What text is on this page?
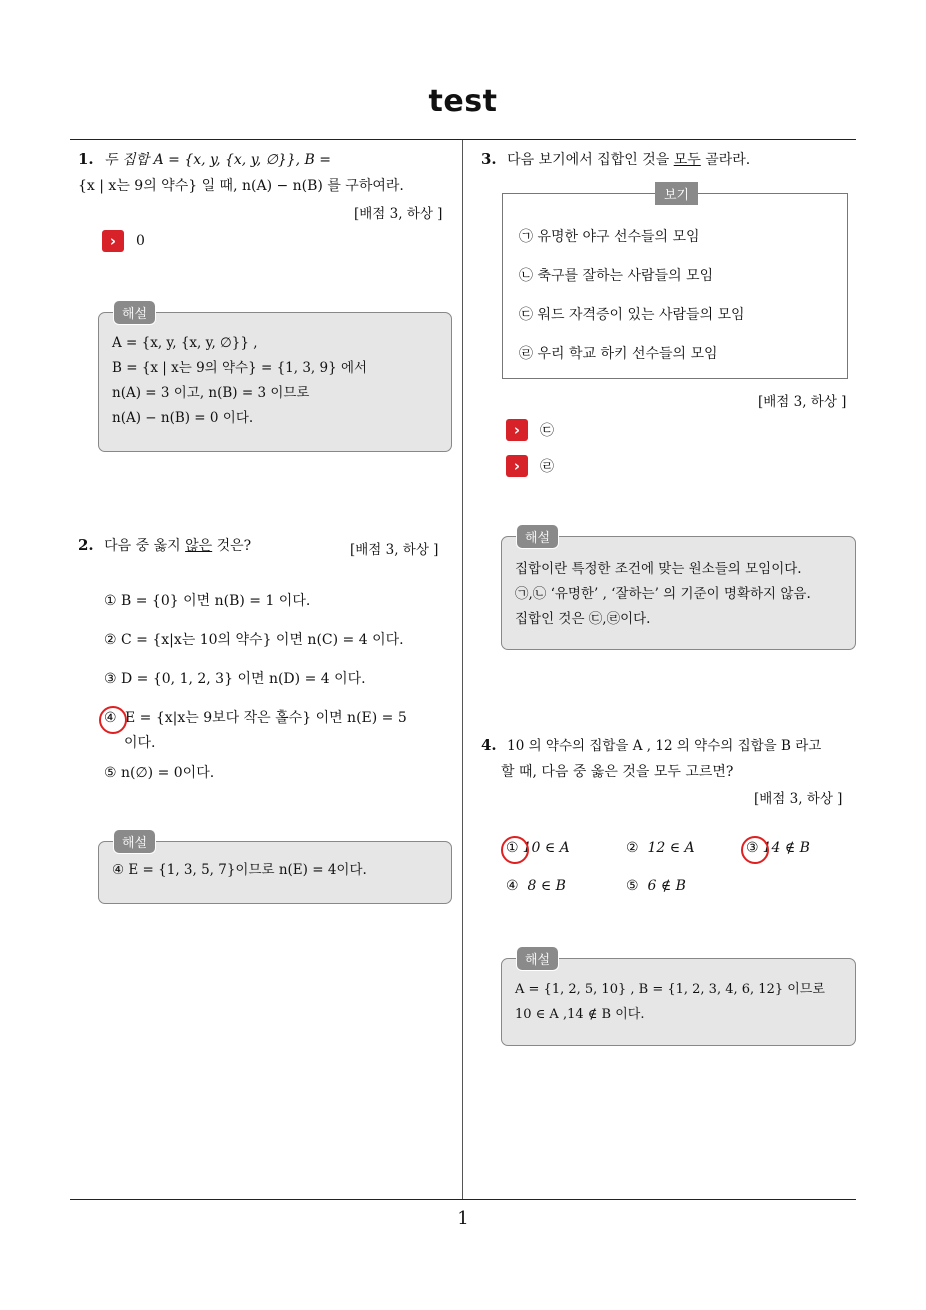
test
1. 두 집합 A = {x, y, {x, y, ∅}}, B =
{x | x는 9의 약수} 일 때, n(A) − n(B) 를 구하여라.
[배점 3, 하상 ]
› 0
해설
A = {x, y, {x, y, ∅}} ,
B = {x | x는 9의 약수} = {1, 3, 9} 에서
n(A) = 3 이고, n(B) = 3 이므로
n(A) − n(B) = 0 이다.
2. 다음 중 옳지 않은 것은?	[배점 3, 하상 ]
① B = {0} 이면 n(B) = 1 이다.
② C = {x|x는 10의 약수} 이면 n(C) = 4 이다.
③ D = {0, 1, 2, 3} 이면 n(D) = 4 이다.
④ E = {x|x는 9보다 작은 홀수} 이면 n(E) = 5
이다.
⑤ n(∅) = 0이다.
해설
④ E = {1, 3, 5, 7}이므로 n(E) = 4이다.
3. 다음 보기에서 집합인 것을 모두 골라라.
보기
㉠ 유명한 야구 선수들의 모임
㉡ 축구를 잘하는 사람들의 모임
㉢ 워드 자격증이 있는 사람들의 모임
㉣ 우리 학교 하키 선수들의 모임
[배점 3, 하상 ]
› ㉢
› ㉣
해설
집합이란 특정한 조건에 맞는 원소들의 모임이다.
㉠,㉡ ‘유명한’ , ‘잘하는’ 의 기준이 명확하지 않음.
집합인 것은 ㉢,㉣이다.
4. 10 의 약수의 집합을 A , 12 의 약수의 집합을 B 라고
할 때, 다음 중 옳은 것을 모두 고르면?
[배점 3, 하상 ]
① 10 ∈ A	② 12 ∈ A	③ 14 ∉ B
④ 8 ∈ B	⑤ 6 ∉ B
해설
A = {1, 2, 5, 10} , B = {1, 2, 3, 4, 6, 12} 이므로
10 ∈ A ,14 ∉ B 이다.
1
